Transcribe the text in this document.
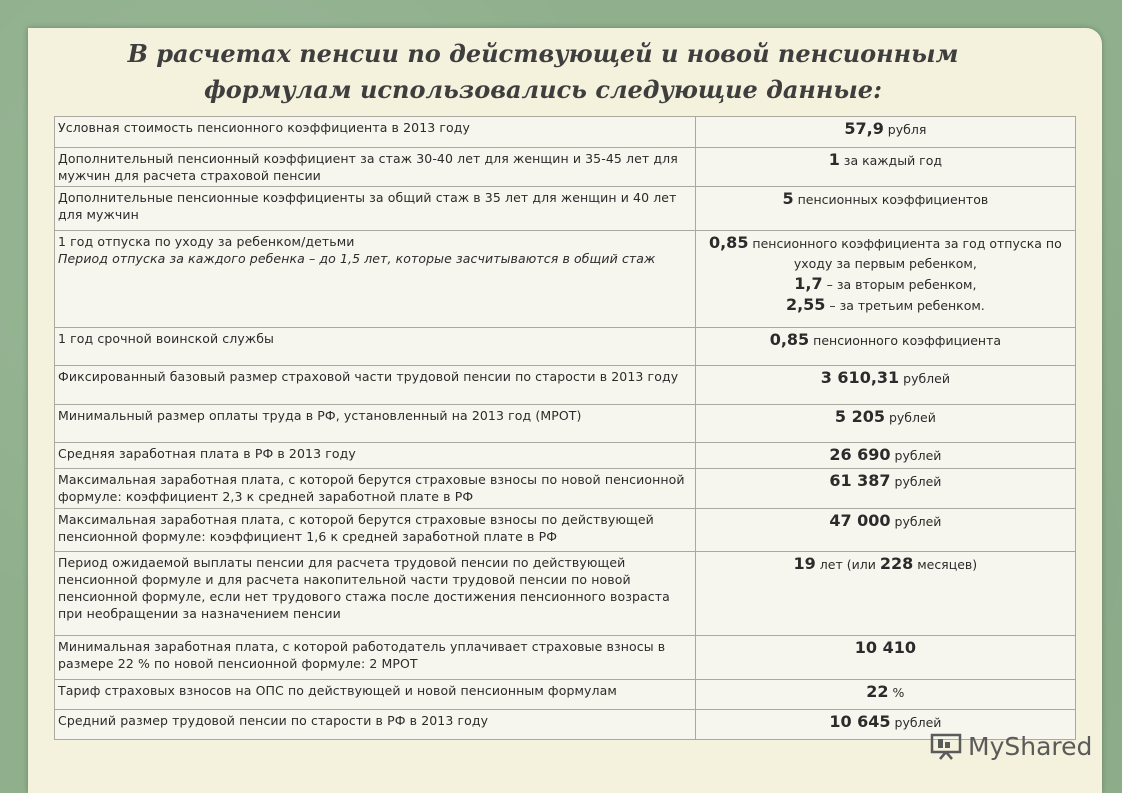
В расчетах пенсии по действующей и новой пенсионным
формулам использовались следующие данные:
Условная стоимость пенсионного коэффициента в 2013 году	57,9 рубля
Дополнительный пенсионный коэффициент за стаж 30-40 лет для женщин и 35-45 лет для мужчин для расчета страховой пенсии	1 за каждый год
Дополнительные пенсионные коэффициенты за общий стаж в 35 лет для женщин и 40 лет для мужчин	5 пенсионных коэффициентов
1 год отпуска по уходу за ребенком/детьми
Период отпуска за каждого ребенка – до 1,5 лет, которые засчитываются в общий стаж	0,85 пенсионного коэффициента за год отпуска по уходу за первым ребенком,
1,7 – за вторым ребенком,
2,55 – за третьим ребенком.
1 год срочной воинской службы	0,85 пенсионного коэффициента
Фиксированный базовый размер страховой части трудовой пенсии по старости в 2013 году	3 610,31 рублей
Минимальный размер оплаты труда в РФ, установленный на 2013 год (МРОТ)	5 205 рублей
Средняя заработная плата в РФ в 2013 году	26 690 рублей
Максимальная заработная плата, с которой берутся страховые взносы по новой пенсионной формуле: коэффициент 2,3 к средней заработной плате в РФ	61 387 рублей
Максимальная заработная плата, с которой берутся страховые взносы по действующей пенсионной формуле: коэффициент 1,6 к средней заработной плате в РФ	47 000 рублей
Период ожидаемой выплаты пенсии для расчета трудовой пенсии по действующей пенсионной формуле и для расчета накопительной части трудовой пенсии по новой пенсионной формуле, если нет трудового стажа после достижения пенсионного возраста при необращении за назначением пенсии	19 лет (или 228 месяцев)
Минимальная заработная плата, с которой работодатель уплачивает страховые взносы в размере 22 % по новой пенсионной формуле: 2 МРОТ	10 410
Тариф страховых взносов на ОПС по действующей и новой пенсионным формулам	22 %
Средний размер трудовой пенсии по старости в РФ в 2013 году	10 645 рублей
MyShared
